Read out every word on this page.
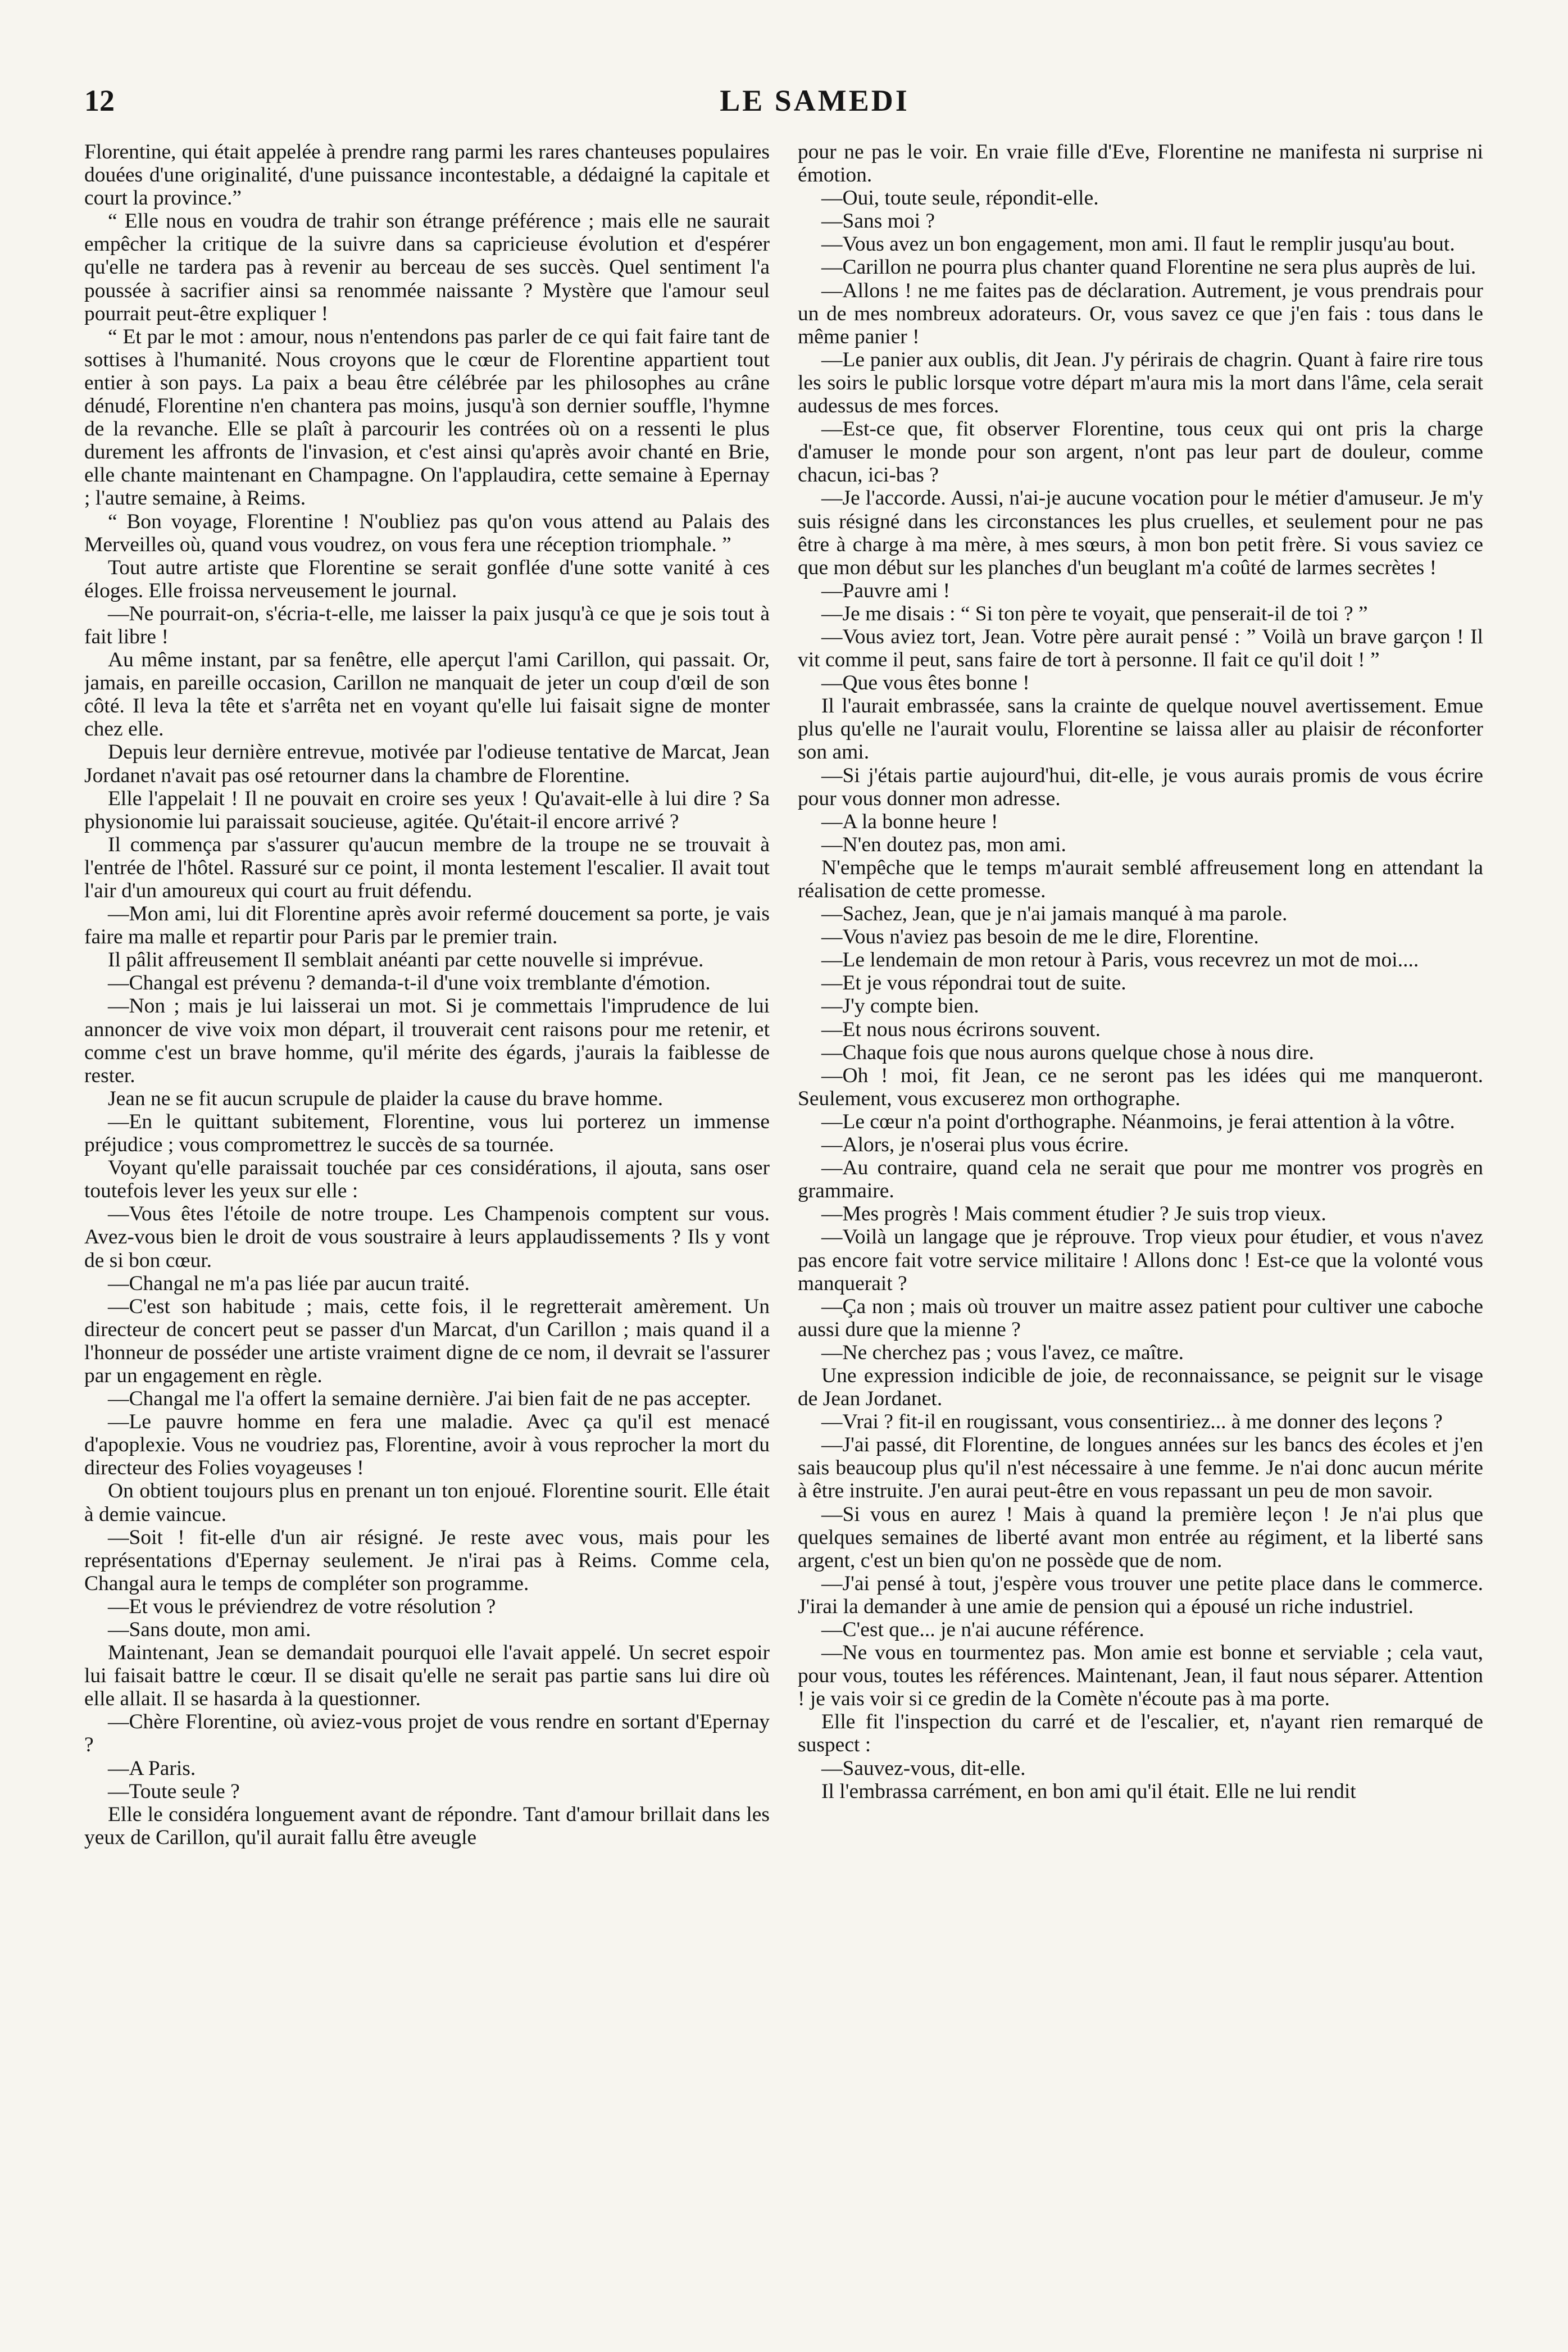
12	LE SAMEDI

Florentine, qui était appelée à prendre rang parmi les rares chanteuses populaires douées d'une originalité, d'une puissance incontestable, a dédaigné la capitale et court la province.”

“ Elle nous en voudra de trahir son étrange préférence ; mais elle ne saurait empêcher la critique de la suivre dans sa capricieuse évolution et d'espérer qu'elle ne tardera pas à revenir au berceau de ses succès. Quel sentiment l'a poussée à sacrifier ainsi sa renommée naissante ? Mystère que l'amour seul pourrait peut-être expliquer !

“ Et par le mot : amour, nous n'entendons pas parler de ce qui fait faire tant de sottises à l'humanité. Nous croyons que le cœur de Florentine appartient tout entier à son pays. La paix a beau être célébrée par les philosophes au crâne dénudé, Florentine n'en chantera pas moins, jusqu'à son dernier souffle, l'hymne de la revanche. Elle se plaît à parcourir les contrées où on a ressenti le plus durement les affronts de l'invasion, et c'est ainsi qu'après avoir chanté en Brie, elle chante maintenant en Champagne. On l'applaudira, cette semaine à Epernay ; l'autre semaine, à Reims.

“ Bon voyage, Florentine ! N'oubliez pas qu'on vous attend au Palais des Merveilles où, quand vous voudrez, on vous fera une réception triomphale. ”

Tout autre artiste que Florentine se serait gonflée d'une sotte vanité à ces éloges. Elle froissa nerveusement le journal.

—Ne pourrait-on, s'écria-t-elle, me laisser la paix jusqu'à ce que je sois tout à fait libre !

Au même instant, par sa fenêtre, elle aperçut l'ami Carillon, qui passait. Or, jamais, en pareille occasion, Carillon ne manquait de jeter un coup d'œil de son côté. Il leva la tête et s'arrêta net en voyant qu'elle lui faisait signe de monter chez elle.

Depuis leur dernière entrevue, motivée par l'odieuse tentative de Marcat, Jean Jordanet n'avait pas osé retourner dans la chambre de Florentine.

Elle l'appelait ! Il ne pouvait en croire ses yeux ! Qu'avait-elle à lui dire ? Sa physionomie lui paraissait soucieuse, agitée. Qu'était-il encore arrivé ?

Il commença par s'assurer qu'aucun membre de la troupe ne se trouvait à l'entrée de l'hôtel. Rassuré sur ce point, il monta lestement l'escalier. Il avait tout l'air d'un amoureux qui court au fruit défendu.

—Mon ami, lui dit Florentine après avoir refermé doucement sa porte, je vais faire ma malle et repartir pour Paris par le premier train.

Il pâlit affreusement Il semblait anéanti par cette nouvelle si imprévue.

—Changal est prévenu ? demanda-t-il d'une voix tremblante d'émotion.

—Non ; mais je lui laisserai un mot. Si je commettais l'imprudence de lui annoncer de vive voix mon départ, il trouverait cent raisons pour me retenir, et comme c'est un brave homme, qu'il mérite des égards, j'aurais la faiblesse de rester.

Jean ne se fit aucun scrupule de plaider la cause du brave homme.

—En le quittant subitement, Florentine, vous lui porterez un immense préjudice ; vous compromettrez le succès de sa tournée.

Voyant qu'elle paraissait touchée par ces considérations, il ajouta, sans oser toutefois lever les yeux sur elle :

—Vous êtes l'étoile de notre troupe. Les Champenois comptent sur vous. Avez-vous bien le droit de vous soustraire à leurs applaudissements ? Ils y vont de si bon cœur.

—Changal ne m'a pas liée par aucun traité.

—C'est son habitude ; mais, cette fois, il le regretterait amèrement. Un directeur de concert peut se passer d'un Marcat, d'un Carillon ; mais quand il a l'honneur de posséder une artiste vraiment digne de ce nom, il devrait se l'assurer par un engagement en règle.

—Changal me l'a offert la semaine dernière. J'ai bien fait de ne pas accepter.

—Le pauvre homme en fera une maladie. Avec ça qu'il est menacé d'apoplexie. Vous ne voudriez pas, Florentine, avoir à vous reprocher la mort du directeur des Folies voyageuses !

On obtient toujours plus en prenant un ton enjoué. Florentine sourit. Elle était à demie vaincue.

—Soit ! fit-elle d'un air résigné. Je reste avec vous, mais pour les représentations d'Epernay seulement. Je n'irai pas à Reims. Comme cela, Changal aura le temps de compléter son programme.

—Et vous le préviendrez de votre résolution ?

—Sans doute, mon ami.

Maintenant, Jean se demandait pourquoi elle l'avait appelé. Un secret espoir lui faisait battre le cœur. Il se disait qu'elle ne serait pas partie sans lui dire où elle allait. Il se hasarda à la questionner.

—Chère Florentine, où aviez-vous projet de vous rendre en sortant d'Epernay ?

—A Paris.

—Toute seule ?

Elle le considéra longuement avant de répondre. Tant d'amour brillait dans les yeux de Carillon, qu'il aurait fallu être aveugle

pour ne pas le voir. En vraie fille d'Eve, Florentine ne manifesta ni surprise ni émotion.

—Oui, toute seule, répondit-elle.

—Sans moi ?

—Vous avez un bon engagement, mon ami. Il faut le remplir jusqu'au bout.

—Carillon ne pourra plus chanter quand Florentine ne sera plus auprès de lui.

—Allons ! ne me faites pas de déclaration. Autrement, je vous prendrais pour un de mes nombreux adorateurs. Or, vous savez ce que j'en fais : tous dans le même panier !

—Le panier aux oublis, dit Jean. J'y périrais de chagrin. Quant à faire rire tous les soirs le public lorsque votre départ m'aura mis la mort dans l'âme, cela serait audessus de mes forces.

—Est-ce que, fit observer Florentine, tous ceux qui ont pris la charge d'amuser le monde pour son argent, n'ont pas leur part de douleur, comme chacun, ici-bas ?

—Je l'accorde. Aussi, n'ai-je aucune vocation pour le métier d'amuseur. Je m'y suis résigné dans les circonstances les plus cruelles, et seulement pour ne pas être à charge à ma mère, à mes sœurs, à mon bon petit frère. Si vous saviez ce que mon début sur les planches d'un beuglant m'a coûté de larmes secrètes !

—Pauvre ami !

—Je me disais : “ Si ton père te voyait, que penserait-il de toi ? ”

—Vous aviez tort, Jean. Votre père aurait pensé : ” Voilà un brave garçon ! Il vit comme il peut, sans faire de tort à personne. Il fait ce qu'il doit ! ”

—Que vous êtes bonne !

Il l'aurait embrassée, sans la crainte de quelque nouvel avertissement. Emue plus qu'elle ne l'aurait voulu, Florentine se laissa aller au plaisir de réconforter son ami.

—Si j'étais partie aujourd'hui, dit-elle, je vous aurais promis de vous écrire pour vous donner mon adresse.

—A la bonne heure !

—N'en doutez pas, mon ami.

N'empêche que le temps m'aurait semblé affreusement long en attendant la réalisation de cette promesse.

—Sachez, Jean, que je n'ai jamais manqué à ma parole.

—Vous n'aviez pas besoin de me le dire, Florentine.

—Le lendemain de mon retour à Paris, vous recevrez un mot de moi....

—Et je vous répondrai tout de suite.

—J'y compte bien.

—Et nous nous écrirons souvent.

—Chaque fois que nous aurons quelque chose à nous dire.

—Oh ! moi, fit Jean, ce ne seront pas les idées qui me manqueront. Seulement, vous excuserez mon orthographe.

—Le cœur n'a point d'orthographe. Néanmoins, je ferai attention à la vôtre.

—Alors, je n'oserai plus vous écrire.

—Au contraire, quand cela ne serait que pour me montrer vos progrès en grammaire.

—Mes progrès ! Mais comment étudier ? Je suis trop vieux.

—Voilà un langage que je réprouve. Trop vieux pour étudier, et vous n'avez pas encore fait votre service militaire ! Allons donc ! Est-ce que la volonté vous manquerait ?

—Ça non ; mais où trouver un maitre assez patient pour cultiver une caboche aussi dure que la mienne ?

—Ne cherchez pas ; vous l'avez, ce maître.

Une expression indicible de joie, de reconnaissance, se peignit sur le visage de Jean Jordanet.

—Vrai ? fit-il en rougissant, vous consentiriez... à me donner des leçons ?

—J'ai passé, dit Florentine, de longues années sur les bancs des écoles et j'en sais beaucoup plus qu'il n'est nécessaire à une femme. Je n'ai donc aucun mérite à être instruite. J'en aurai peut-être en vous repassant un peu de mon savoir.

—Si vous en aurez ! Mais à quand la première leçon ! Je n'ai plus que quelques semaines de liberté avant mon entrée au régiment, et la liberté sans argent, c'est un bien qu'on ne possède que de nom.

—J'ai pensé à tout, j'espère vous trouver une petite place dans le commerce. J'irai la demander à une amie de pension qui a épousé un riche industriel.

—C'est que... je n'ai aucune référence.

—Ne vous en tourmentez pas. Mon amie est bonne et serviable ; cela vaut, pour vous, toutes les références. Maintenant, Jean, il faut nous séparer. Attention ! je vais voir si ce gredin de la Comète n'écoute pas à ma porte.

Elle fit l'inspection du carré et de l'escalier, et, n'ayant rien remarqué de suspect :

—Sauvez-vous, dit-elle.

Il l'embrassa carrément, en bon ami qu'il était. Elle ne lui rendit
